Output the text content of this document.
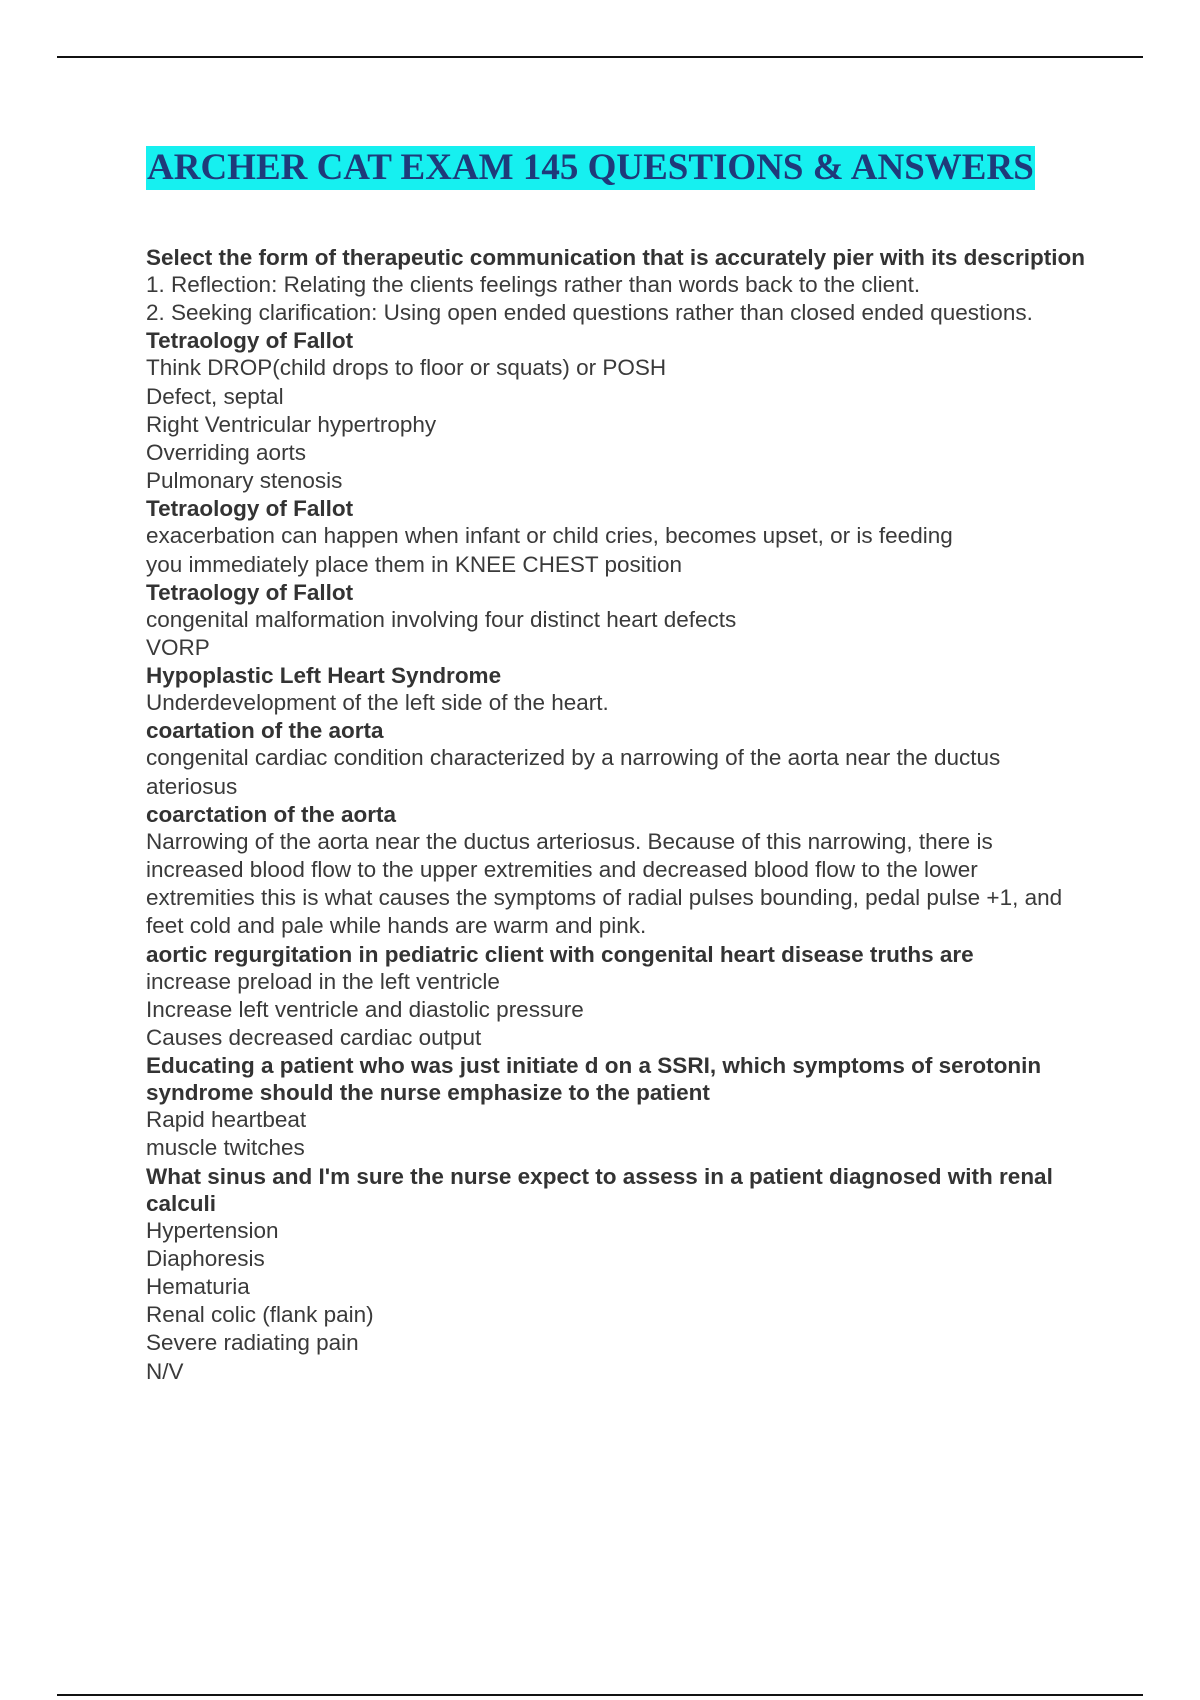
ARCHER CAT EXAM 145 QUESTIONS & ANSWERS

Select the form of therapeutic communication that is accurately pier with its description

1. Reflection: Relating the clients feelings rather than words back to the client.

2. Seeking clarification: Using open ended questions rather than closed ended questions.

Tetraology of Fallot

Think DROP(child drops to floor or squats) or POSH

Defect, septal

Right Ventricular hypertrophy

Overriding aorts

Pulmonary stenosis

Tetraology of Fallot

exacerbation can happen when infant or child cries, becomes upset, or is feeding

you immediately place them in KNEE CHEST position

Tetraology of Fallot

congenital malformation involving four distinct heart defects

VORP

Hypoplastic Left Heart Syndrome

Underdevelopment of the left side of the heart.

coartation of the aorta

congenital cardiac condition characterized by a narrowing of the aorta near the ductus ateriosus

coarctation of the aorta

Narrowing of the aorta near the ductus arteriosus. Because of this narrowing, there is increased blood flow to the upper extremities and decreased blood flow to the lower extremities this is what causes the symptoms of radial pulses bounding, pedal pulse +1, and feet cold and pale while hands are warm and pink.

aortic regurgitation in pediatric client with congenital heart disease truths are

increase preload in the left ventricle

Increase left ventricle and diastolic pressure

Causes decreased cardiac output

Educating a patient who was just initiate d on a SSRI, which symptoms of serotonin syndrome should the nurse emphasize to the patient

Rapid heartbeat

muscle twitches

What sinus and I'm sure the nurse expect to assess in a patient diagnosed with renal calculi

Hypertension

Diaphoresis

Hematuria

Renal colic (flank pain)

Severe radiating pain

N/V
